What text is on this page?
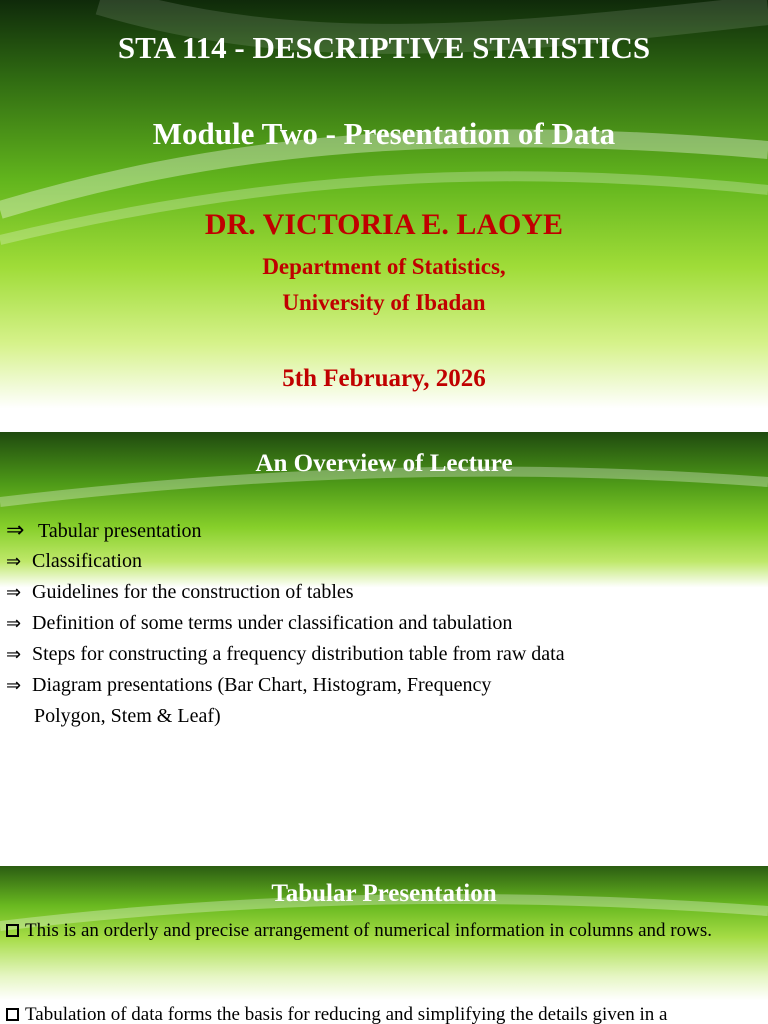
STA 114 - DESCRIPTIVE STATISTICS
Module Two - Presentation of Data
DR. VICTORIA E. LAOYE
Department of Statistics,
University of Ibadan
5th February, 2026
An Overview of Lecture
⇒ Tabular presentation
⇒ Classification
⇒ Guidelines for the construction of tables
⇒ Definition of some terms under classification and tabulation
⇒ Steps for constructing a frequency distribution table from raw data
⇒ Diagram presentations (Bar Chart, Histogram, Frequency
Polygon, Stem & Leaf)
Tabular Presentation
This is an orderly and precise arrangement of numerical information in columns and rows.
Tabulation of data forms the basis for reducing and simplifying the details given in a
